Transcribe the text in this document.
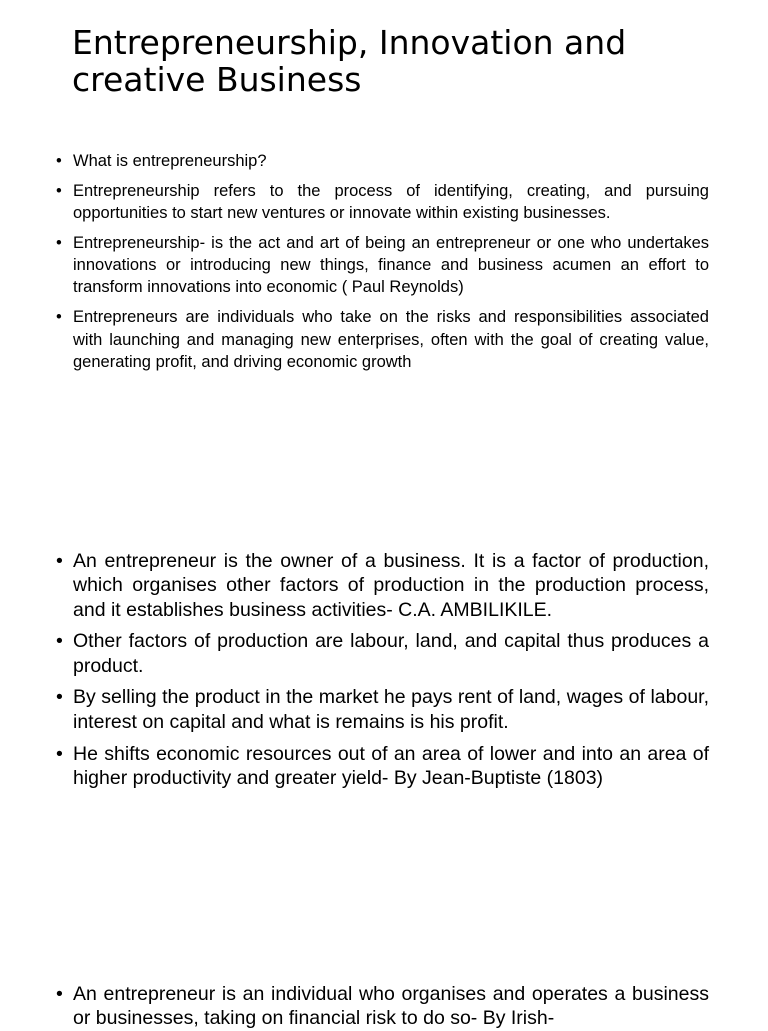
Entrepreneurship, Innovation and creative Business
• What is entrepreneurship?
• Entrepreneurship refers to the process of identifying, creating, and pursuing opportunities to start new ventures or innovate within existing businesses.
• Entrepreneurship- is the act and art of being an entrepreneur or one who undertakes innovations or introducing new things, finance and business acumen an effort to transform innovations into economic ( Paul Reynolds)
• Entrepreneurs are individuals who take on the risks and responsibilities associated with launching and managing new enterprises, often with the goal of creating value, generating profit, and driving economic growth
• An entrepreneur is the owner of a business. It is a factor of production, which organises other factors of production in the production process, and it establishes business activities- C.A. AMBILIKILE.
• Other factors of production are labour, land, and capital thus produces a product.
• By selling the product in the market he pays rent of land, wages of labour, interest on capital and what is remains is his profit.
• He shifts economic resources out of an area of lower and into an area of higher productivity and greater yield- By Jean-Buptiste (1803)
• An entrepreneur is an individual who organises and operates a business or businesses, taking on financial risk to do so- By Irish-
